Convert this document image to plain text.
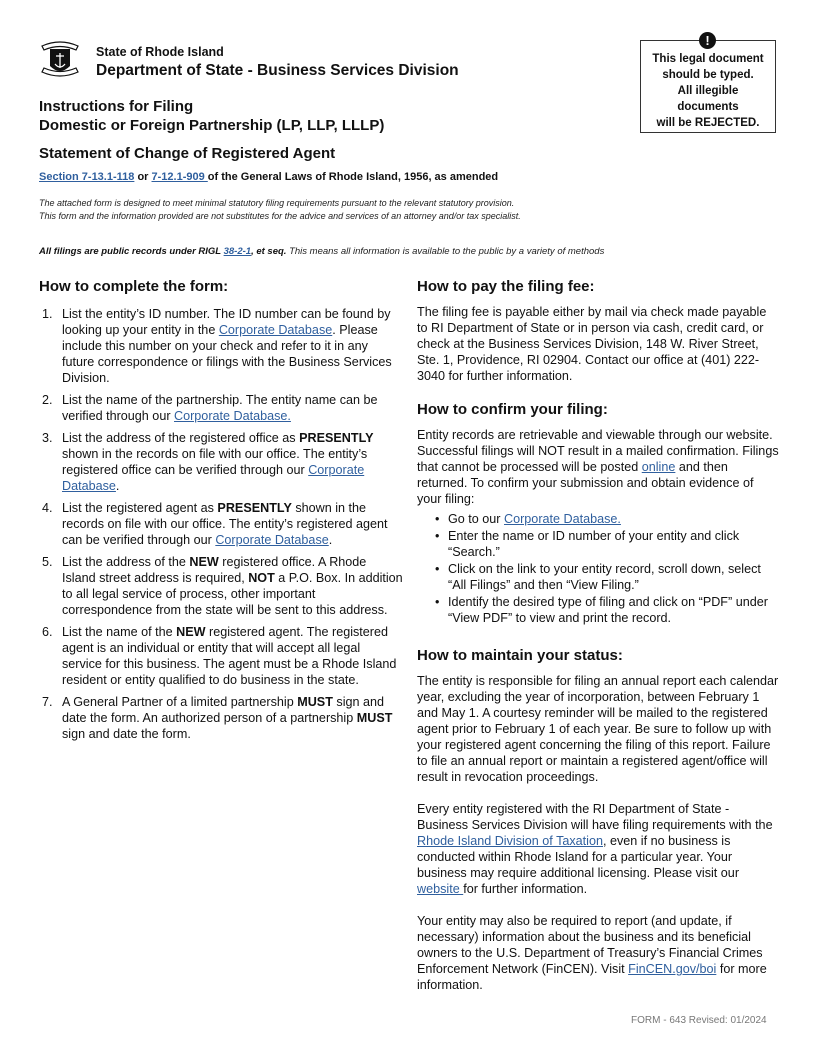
State of Rhode Island
Department of State - Business Services Division
!
This legal document
should be typed.
All illegible
documents
will be REJECTED.
Instructions for Filing
Domestic or Foreign Partnership (LP, LLP, LLLP)
Statement of Change of Registered Agent
Section 7-13.1-118 or 7-12.1-909 of the General Laws of Rhode Island, 1956, as amended
The attached form is designed to meet minimal statutory filing requirements pursuant to the relevant statutory provision.
This form and the information provided are not substitutes for the advice and services of an attorney and/or tax specialist.
All filings are public records under RIGL 38-2-1, et seq. This means all information is available to the public by a variety of methods
How to complete the form:
1. List the entity’s ID number. The ID number can be found by looking up your entity in the Corporate Database. Please include this number on your check and refer to it in any future correspondence or filings with the Business Services Division.
2. List the name of the partnership. The entity name can be verified through our Corporate Database.
3. List the address of the registered office as PRESENTLY shown in the records on file with our office. The entity’s registered office can be verified through our Corporate Database.
4. List the registered agent as PRESENTLY shown in the records on file with our office. The entity’s registered agent can be verified through our Corporate Database.
5. List the address of the NEW registered office. A Rhode Island street address is required, NOT a P.O. Box. In addition to all legal service of process, other important correspondence from the state will be sent to this address.
6. List the name of the NEW registered agent. The registered agent is an individual or entity that will accept all legal service for this business. The agent must be a Rhode Island resident or entity qualified to do business in the state.
7. A General Partner of a limited partnership MUST sign and date the form. An authorized person of a partnership MUST sign and date the form.
How to pay the filing fee:

The filing fee is payable either by mail via check made payable to RI Department of State or in person via cash, credit card, or check at the Business Services Division, 148 W. River Street, Ste. 1, Providence, RI 02904. Contact our office at (401) 222-3040 for further information.

How to confirm your filing:

Entity records are retrievable and viewable through our website. Successful filings will NOT result in a mailed confirmation. Filings that cannot be processed will be posted online and then returned. To confirm your submission and obtain evidence of your filing:

• Go to our Corporate Database.
• Enter the name or ID number of your entity and click “Search.”
• Click on the link to your entity record, scroll down, select “All Filings” and then “View Filing.”
• Identify the desired type of filing and click on “PDF” under “View PDF” to view and print the record.
How to maintain your status:

The entity is responsible for filing an annual report each calendar year, excluding the year of incorporation, between February 1 and May 1. A courtesy reminder will be mailed to the registered agent prior to February 1 of each year. Be sure to follow up with your registered agent concerning the filing of this report. Failure to file an annual report or maintain a registered agent/office will result in revocation proceedings.

Every entity registered with the RI Department of State - Business Services Division will have filing requirements with the Rhode Island Division of Taxation, even if no business is conducted within Rhode Island for a particular year. Your business may require additional licensing. Please visit our website for further information.

Your entity may also be required to report (and update, if necessary) information about the business and its beneficial owners to the U.S. Department of Treasury’s Financial Crimes Enforcement Network (FinCEN). Visit FinCEN.gov/boi for more information.

FORM - 643 Revised: 01/2024
